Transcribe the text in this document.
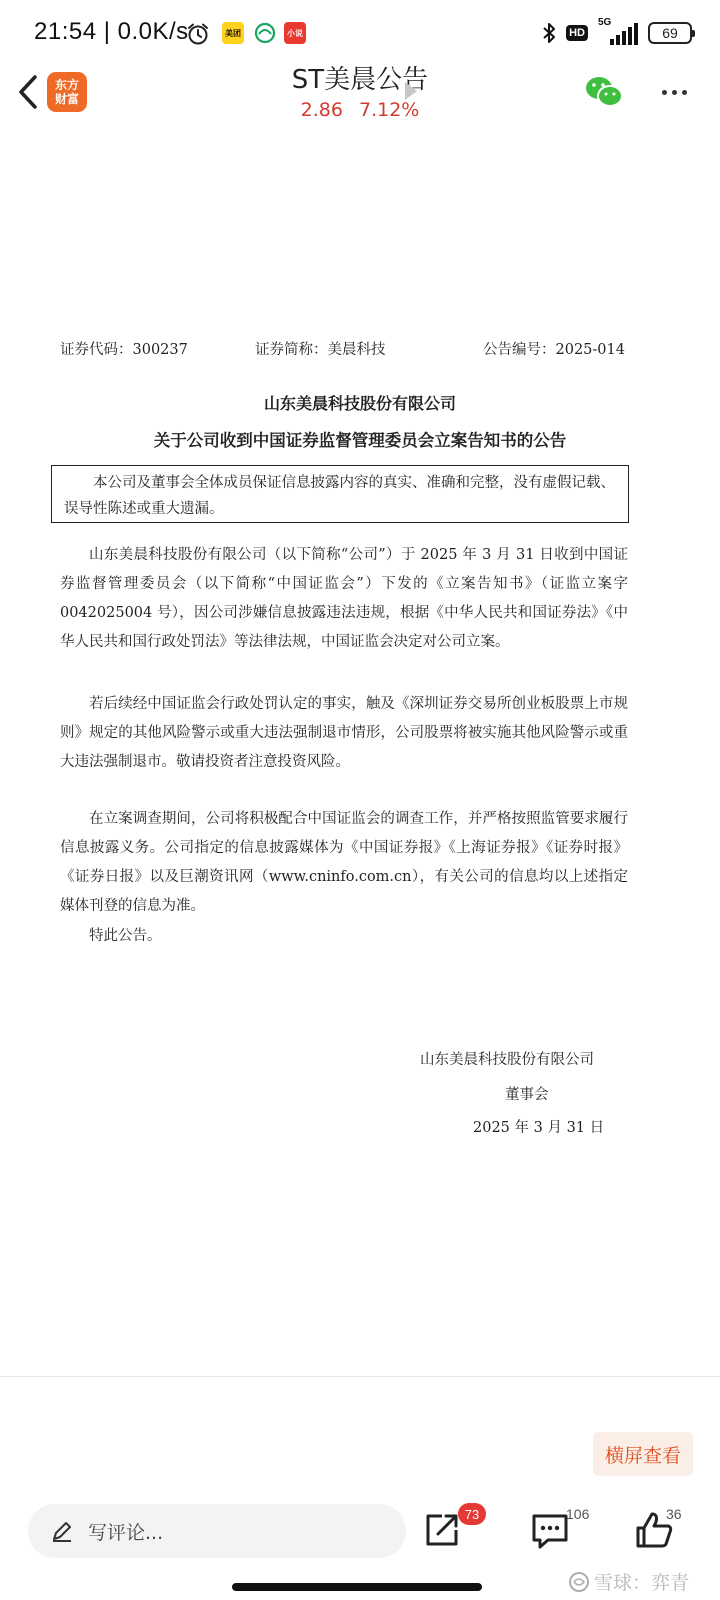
21:54 | 0.0K/s	美团	小说	HD
5G
69
东方
财富
ST美晨公告
2.86 7.12%
证券代码：300237	证券简称：美晨科技	公告编号：2025-014
山东美晨科技股份有限公司
关于公司收到中国证券监督管理委员会立案告知书的公告
本公司及董事会全体成员保证信息披露内容的真实、准确和完整，没有虚假记载、误导性陈述或重大遗漏。
山东美晨科技股份有限公司（以下简称“公司”）于 2025 年 3 月 31 日收到中国证券监督管理委员会（以下简称“中国证监会”）下发的《立案告知书》（证监立案字 0042025004 号），因公司涉嫌信息披露违法违规，根据《中华人民共和国证券法》《中华人民共和国行政处罚法》等法律法规，中国证监会决定对公司立案。
若后续经中国证监会行政处罚认定的事实，触及《深圳证券交易所创业板股票上市规则》规定的其他风险警示或重大违法强制退市情形，公司股票将被实施其他风险警示或重大违法强制退市。敬请投资者注意投资风险。
在立案调查期间，公司将积极配合中国证监会的调查工作，并严格按照监管要求履行信息披露义务。公司指定的信息披露媒体为《中国证券报》《上海证券报》《证券时报》《证券日报》以及巨潮资讯网（www.cninfo.com.cn），有关公司的信息均以上述指定媒体刊登的信息为准。
特此公告。
山东美晨科技股份有限公司
董事会
2025 年 3 月 31 日
横屏查看
写评论...
73	106	36
雪球：弈青
